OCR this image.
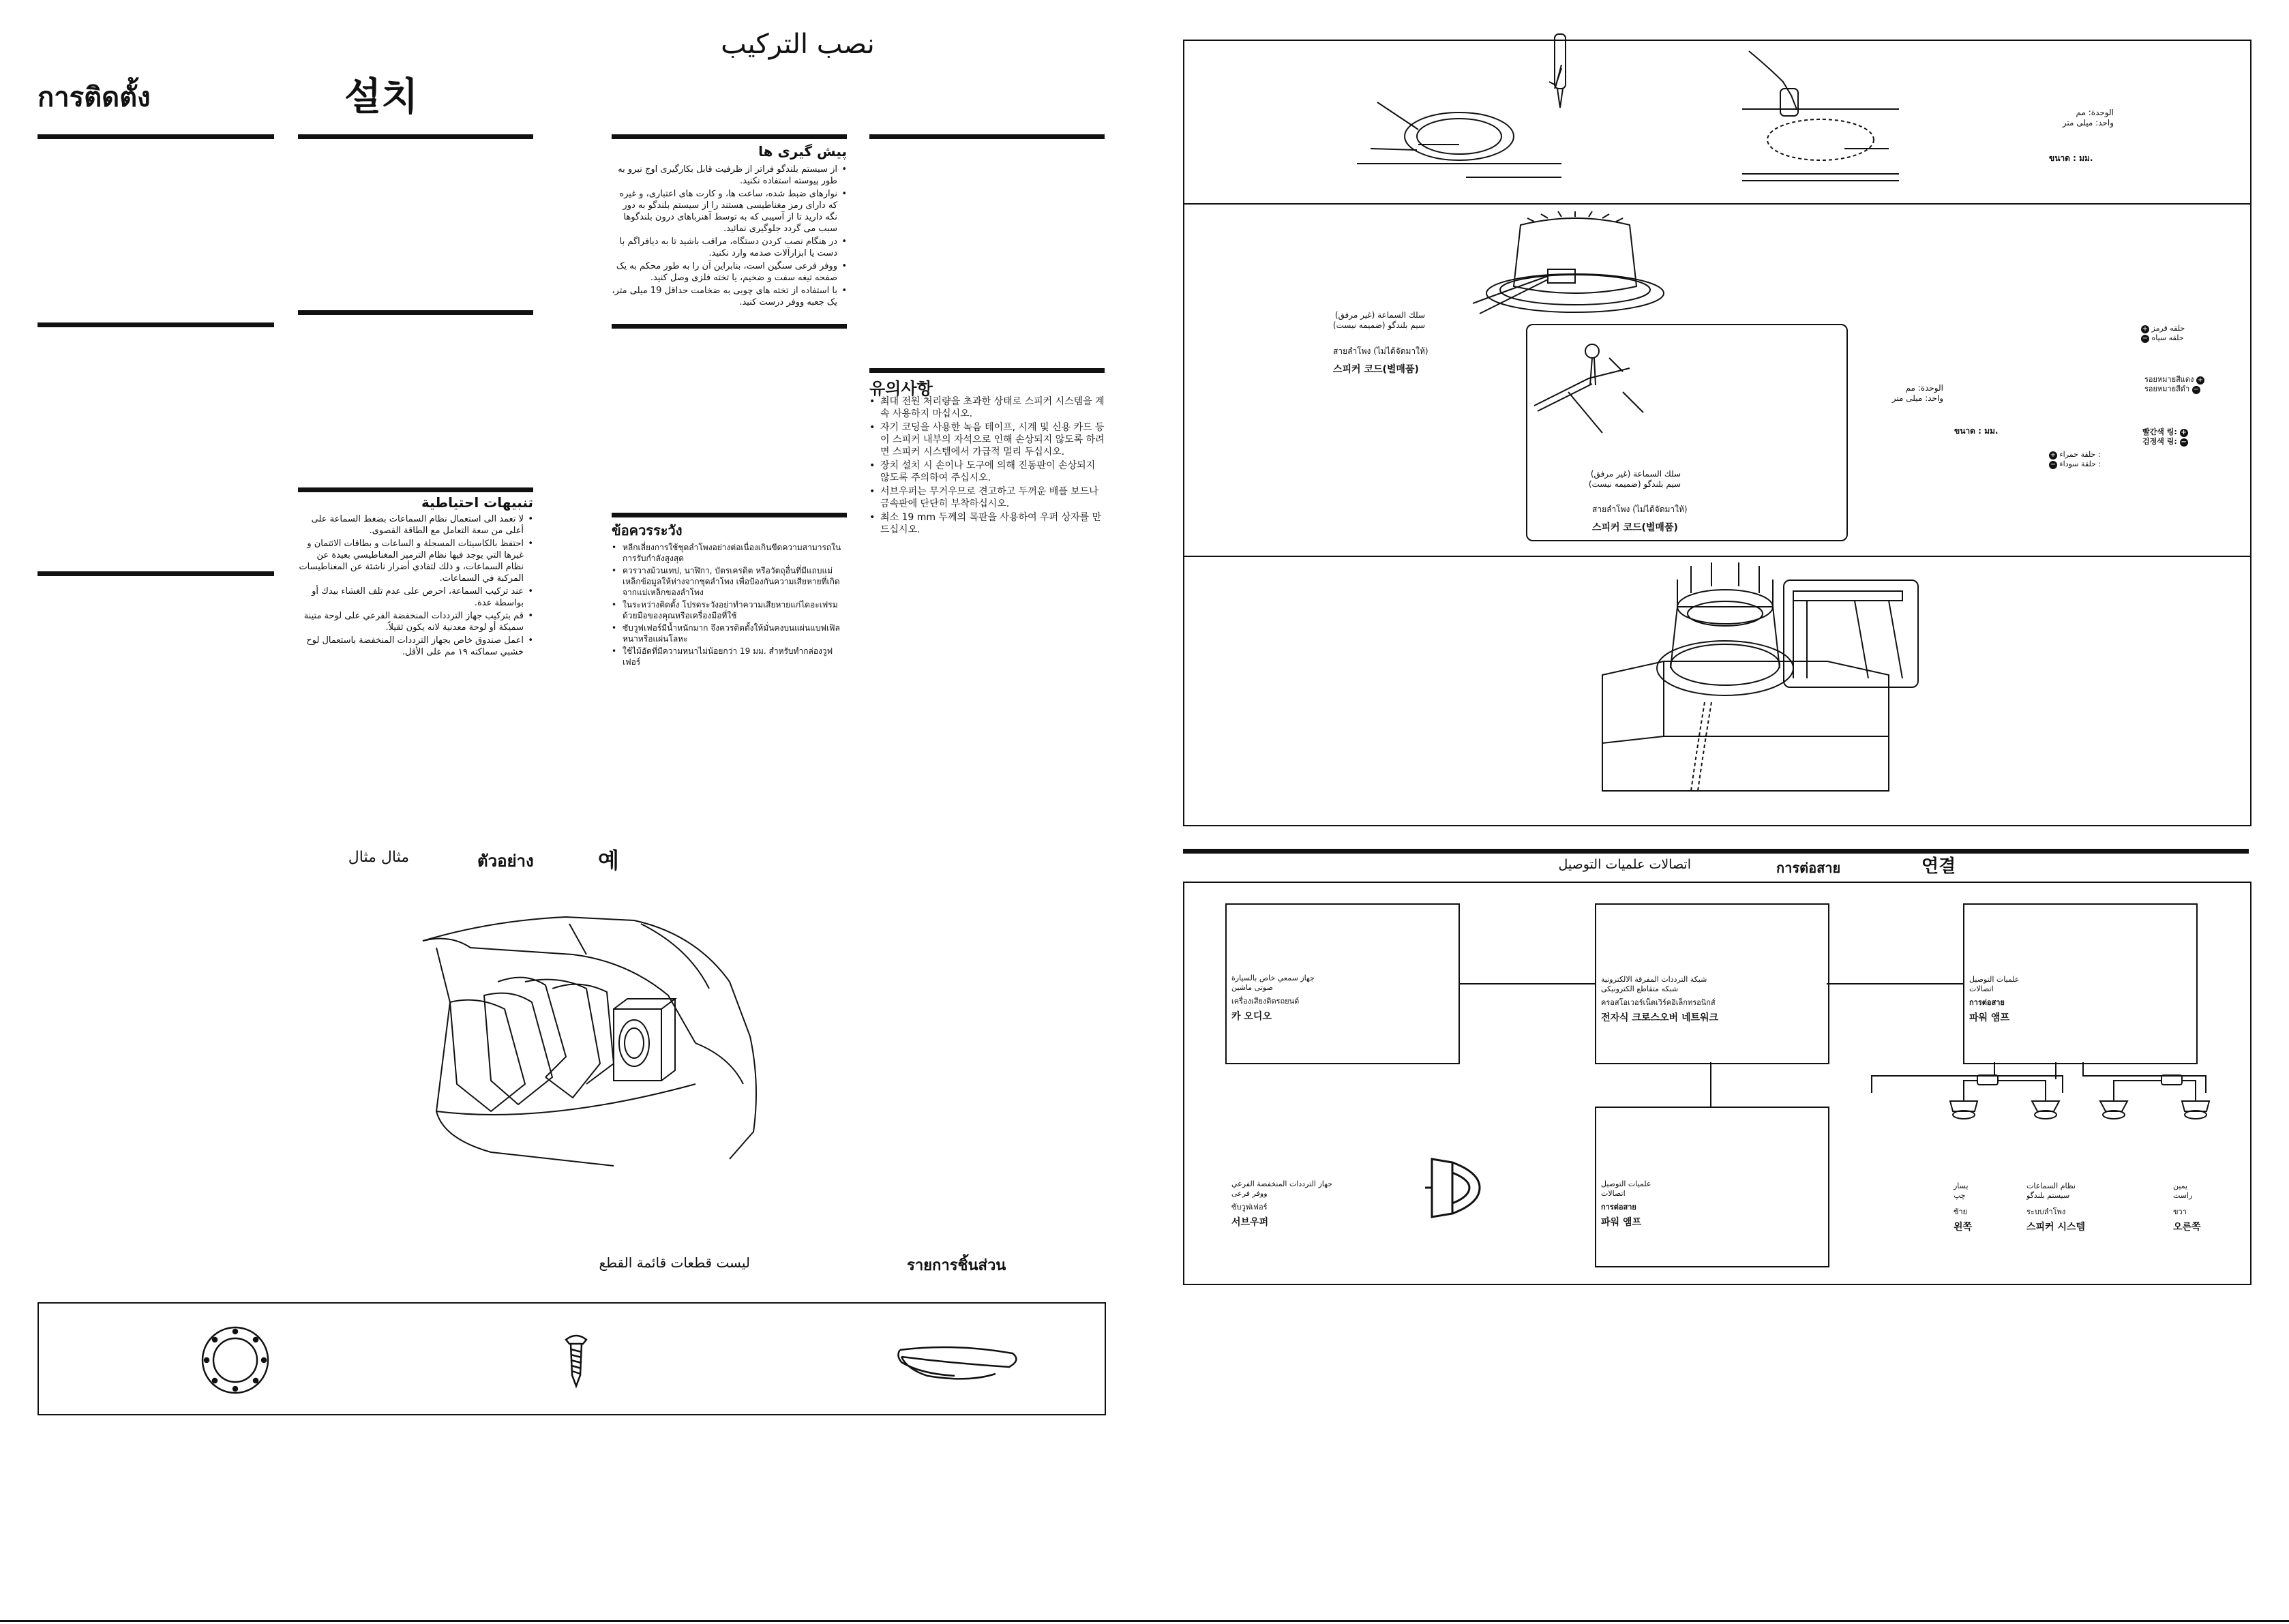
نصب التركيب
การติดตั้ง	설치
پیش گیری ها

• از سیستم بلندگو فراتر از ظرفیت قابل بکارگیری اوج نیرو به طور پیوسته استفاده نکنید.

• نوارهای ضبط شده، ساعت ها، و کارت های اعتباری، و غیره که دارای رمز مغناطیسی هستند را از سیستم بلندگو به دور نگه دارید تا از آسیبی که به توسط آهنرباهای درون بلندگوها سبب می گردد جلوگیری نمائید.

• در هنگام نصب کردن دستگاه، مراقب باشید تا به دیافراگم با دست یا ابزارآلات صدمه وارد نکنید.

• ووفر فرعی سنگین است، بنابراین آن را به طور محکم به یک صفحه تیغه سفت و ضخیم، یا تخته فلزی وصل کنید.

• با استفاده از تخته های چوبی به ضخامت حداقل 19 میلی متر، یک جعبه ووفر درست کنید.

유의사항

• 최대 전원 처리량을 초과한 상태로 스피커 시스템을 계속 사용하지 마십시오.

• 자기 코딩을 사용한 녹음 테이프, 시계 및 신용 카드 등이 스피커 내부의 자석으로 인해 손상되지 않도록 하려면 스피커 시스템에서 가급적 멀리 두십시오.

• 장치 설치 시 손이나 도구에 의해 진동판이 손상되지 않도록 주의하여 주십시오.

• 서브우퍼는 무거우므로 견고하고 두꺼운 배플 보드나 금속판에 단단히 부착하십시오.

• 최소 19 mm 두께의 목판을 사용하여 우퍼 상자를 만드십시오.

تنبيهات احتياطية

• لا تعمد الى استعمال نظام السماعات بضغط السماعة على أعلى من سعة التعامل مع الطاقة القصوى.

• احتفظ بالكاسيتات المسجلة و الساعات و بطاقات الائتمان و غيرها التي يوجد فيها نظام الترميز المغناطيسي بعيدة عن نظام السماعات، و ذلك لتفادي أضرار ناشئة عن المغناطيسات المركبة في السماعات.

• عند تركيب السماعة، احرص على عدم تلف الغشاء بيدك أو بواسطة عدة.

• قم بتركيب جهاز الترددات المنخفضة الفرعي على لوحة متينة سميكة أو لوحة معدنية لانه يكون ثقيلاً.

• اعمل صندوق خاص بجهاز الترددات المنخفضة باستعمال لوح خشبي سماكته ١٩ مم على الأقل.

ข้อควรระวัง

• หลีกเลี่ยงการใช้ชุดลำโพงอย่างต่อเนื่องเกินขีดความสามารถในการรับกำลังสูงสุด

• ควรวางม้วนเทป, นาฬิกา, บัตรเครดิต หรือวัตถุอื่นที่มีแถบแม่เหล็กข้อมูลให้ห่างจากชุดลำโพง เพื่อป้องกันความเสียหายที่เกิดจากแม่เหล็กของลำโพง

• ในระหว่างติดตั้ง โปรดระวังอย่าทำความเสียหายแก่ไดอะเฟรมด้วยมือของคุณหรือเครื่องมือที่ใช้

• ซับวูฟเฟอร์มีน้ำหนักมาก จึงควรติดตั้งให้มั่นคงบนแผ่นแบฟเฟิลหนาหรือแผ่นโลหะ

• ใช้ไม้อัดที่มีความหนาไม่น้อยกว่า 19 มม. สำหรับทำกล่องวูฟเฟอร์

مثال مثال	ตัวอย่าง	예
ليست قطعات قائمة القطع	รายการชิ้นส่วน
الوحدة: مم
واحد: میلی متر
ขนาด : มม.
سلك السماعة (غير مرفق)
سیم بلندگو (ضمیمه نیست)
สายลำโพง (ไม่ได้จัดมาให้)
스피커 코드(별매품)
سلك السماعة (غير مرفق)
سیم بلندگو (ضمیمه نیست)
สายลำโพง (ไม่ได้จัดมาให้)
스피커 코드(별매품)
الوحدة: مم
واحد: میلی متر
ขนาด : มม.
+ حلقه قرمز
− حلقه سیاه
รอยหมายสีแดง +
รอยหมายสีดำ −
빨간색 링: +
검정색 링: −
+ حلقة حمراء :
− حلقة سوداء :
اتصالات علميات التوصيل	การต่อสาย	연결
جهاز سمعي خاص بالسيارة
صوتی ماشین
เครื่องเสียงติดรถยนต์
카 오디오
شبكة الترددات المفرقة الالكترونية
شبکه متقاطع الکترونیکی
ครอสโอเวอร์เน็ตเวิร์คอิเล็กทรอนิกส์
전자식 크로스오버 네트워크
علميات التوصيل
اتصالات
การต่อสาย
파워 앰프
علميات التوصيل
اتصالات
การต่อสาย
파워 앰프
جهاز الترددات المنخفضة الفرعي
ووفر فرعی
ซับวูฟเฟอร์
서브우퍼
یسار
چپ
ซ้าย
왼쪽
نظام السماعات
سیستم بلندگو
ระบบลำโพง
스피커 시스템
يمين
راست
ขวา
오른쪽
